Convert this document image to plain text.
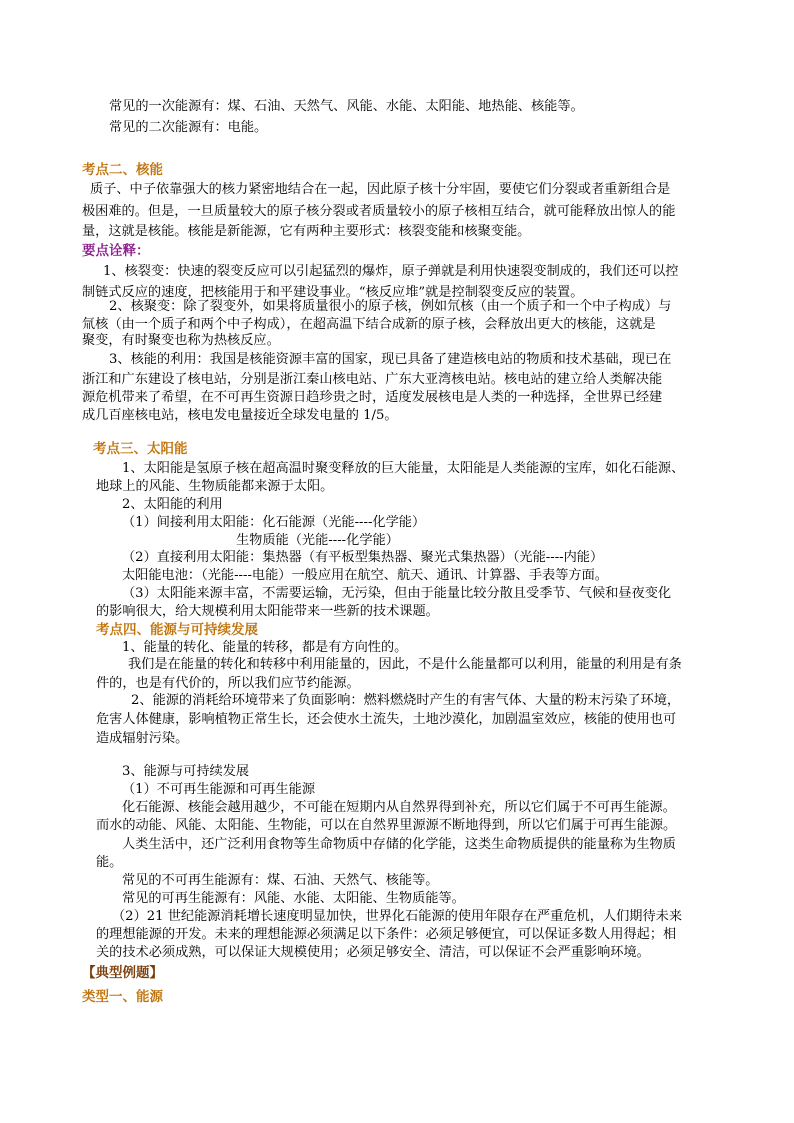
常见的一次能源有：煤、石油、天然气、风能、水能、太阳能、地热能、核能等。

常见的二次能源有：电能。

考点二、核能

质子、中子依靠强大的核力紧密地结合在一起，因此原子核十分牢固，要使它们分裂或者重新组合是

极困难的。但是，一旦质量较大的原子核分裂或者质量较小的原子核相互结合，就可能释放出惊人的能

量，这就是核能。核能是新能源，它有两种主要形式：核裂变能和核聚变能。

要点诠释：

1、核裂变：快速的裂变反应可以引起猛烈的爆炸，原子弹就是利用快速裂变制成的，我们还可以控

制链式反应的速度，把核能用于和平建设事业。“核反应堆”就是控制裂变反应的装置。

2、核聚变：除了裂变外，如果将质量很小的原子核，例如氘核（由一个质子和一个中子构成）与

氚核（由一个质子和两个中子构成），在超高温下结合成新的原子核，会释放出更大的核能，这就是

聚变，有时聚变也称为热核反应。

3、核能的利用：我国是核能资源丰富的国家，现已具备了建造核电站的物质和技术基础，现已在

浙江和广东建设了核电站，分别是浙江秦山核电站、广东大亚湾核电站。核电站的建立给人类解决能

源危机带来了希望，在不可再生资源日趋珍贵之时，适度发展核电是人类的一种选择，全世界已经建

成几百座核电站，核电发电量接近全球发电量的 1/5。

考点三、太阳能

1、太阳能是氢原子核在超高温时聚变释放的巨大能量，太阳能是人类能源的宝库，如化石能源、

地球上的风能、生物质能都来源于太阳。

2、太阳能的利用

（1）间接利用太阳能：化石能源（光能----化学能）

生物质能（光能----化学能）

（2）直接利用太阳能：集热器（有平板型集热器、聚光式集热器）（光能----内能）

太阳能电池：（光能----电能）一般应用在航空、航天、通讯、计算器、手表等方面。

（3）太阳能来源丰富，不需要运输，无污染，但由于能量比较分散且受季节、气候和昼夜变化

的影响很大，给大规模利用太阳能带来一些新的技术课题。

考点四、能源与可持续发展

1、能量的转化、能量的转移，都是有方向性的。

我们是在能量的转化和转移中利用能量的，因此，不是什么能量都可以利用，能量的利用是有条

件的，也是有代价的，所以我们应节约能源。

2、能源的消耗给环境带来了负面影响：燃料燃烧时产生的有害气体、大量的粉末污染了环境，

危害人体健康，影响植物正常生长，还会使水土流失，土地沙漠化，加剧温室效应，核能的使用也可

造成辐射污染。

3、能源与可持续发展

（1）不可再生能源和可再生能源

化石能源、核能会越用越少，不可能在短期内从自然界得到补充，所以它们属于不可再生能源。

而水的动能、风能、太阳能、生物能，可以在自然界里源源不断地得到，所以它们属于可再生能源。

人类生活中，还广泛利用食物等生命物质中存储的化学能，这类生命物质提供的能量称为生物质

能。

常见的不可再生能源有：煤、石油、天然气、核能等。

常见的可再生能源有：风能、水能、太阳能、生物质能等。

（2）21 世纪能源消耗增长速度明显加快，世界化石能源的使用年限存在严重危机，人们期待未来

的理想能源的开发。未来的理想能源必须满足以下条件：必须足够便宜，可以保证多数人用得起；相

关的技术必须成熟，可以保证大规模使用；必须足够安全、清洁，可以保证不会严重影响环境。

【典型例题】

类型一、能源
